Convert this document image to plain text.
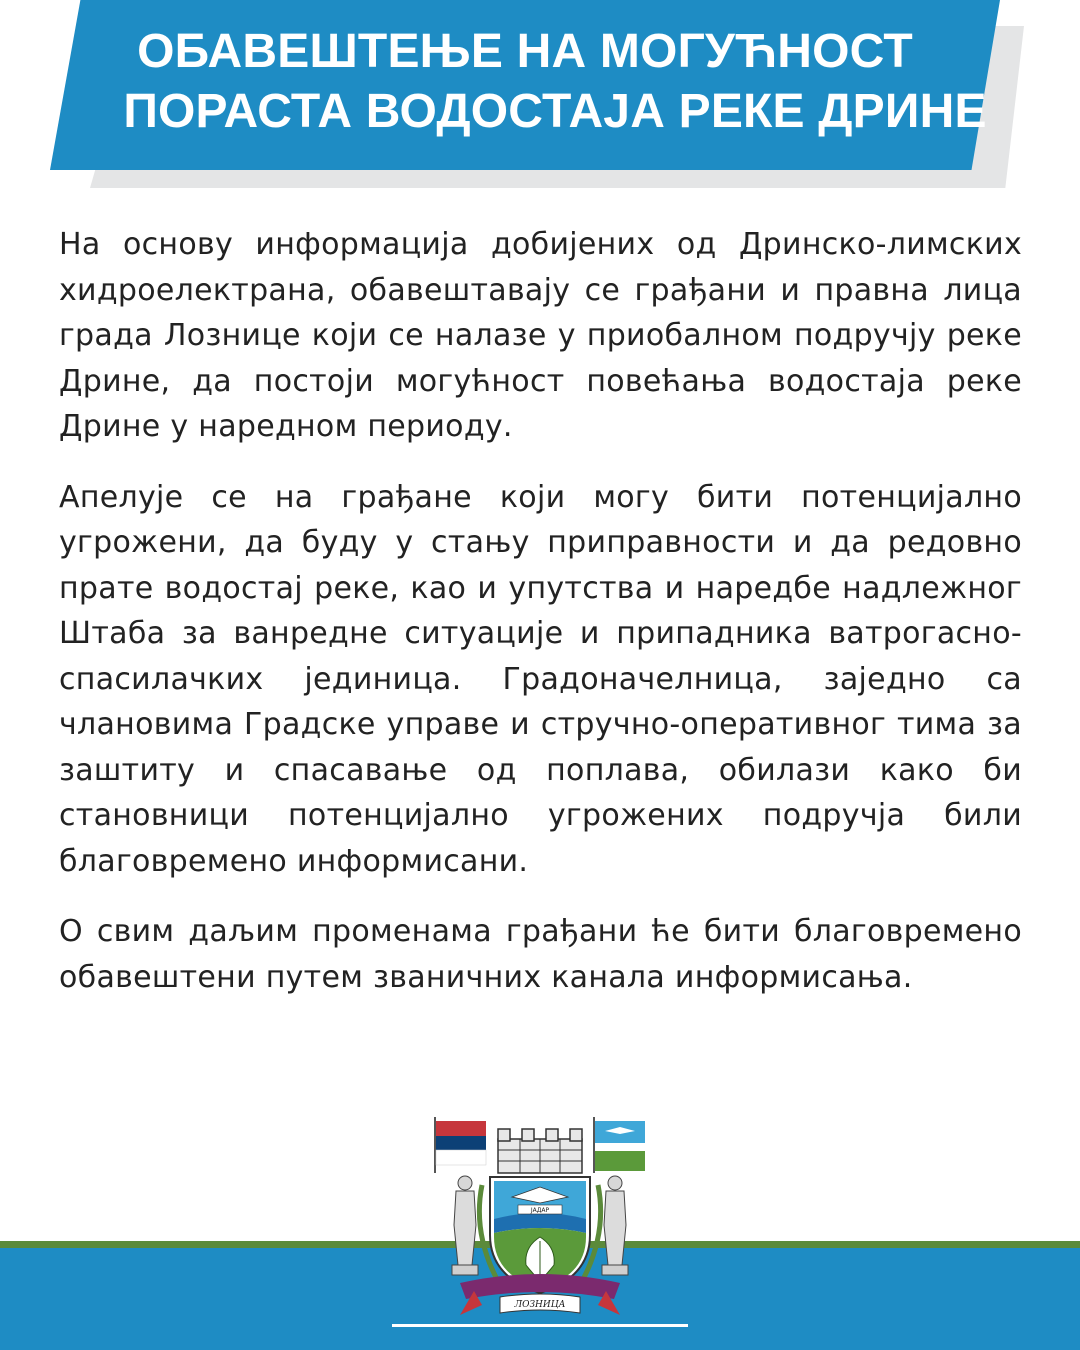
ОБАВЕШТЕЊЕ НА МОГУЋНОСТ
ПОРАСТА ВОДОСТАЈА РЕКЕ ДРИНЕ

На основу информација добијених од Дринско-лимских хидроелектрана, обавештавају се грађани и правна лица града Лознице који се налазе у приобалном подручју реке Дрине, да постоји могућност повећања водостаја реке Дрине у наредном периоду.

Апелује се на грађане који могу бити потенцијално угрожени, да буду у стању приправности и да редовно прате водостај реке, као и упутства и наредбе надлежног Штаба за ванредне ситуације и припадника ватрогасно-спасилачких јединица. Градоначелница, заједно са члановима Градске управе и стручно-оперативног тима за заштиту и спасавање од поплава, обилази како би становници потенцијално угрожених подручја били благовремено информисани.

О свим даљим променама грађани ће бити благовремено обавештени путем званичних канала информисања.

ЈАДАР
ЛОЗНИЦА
